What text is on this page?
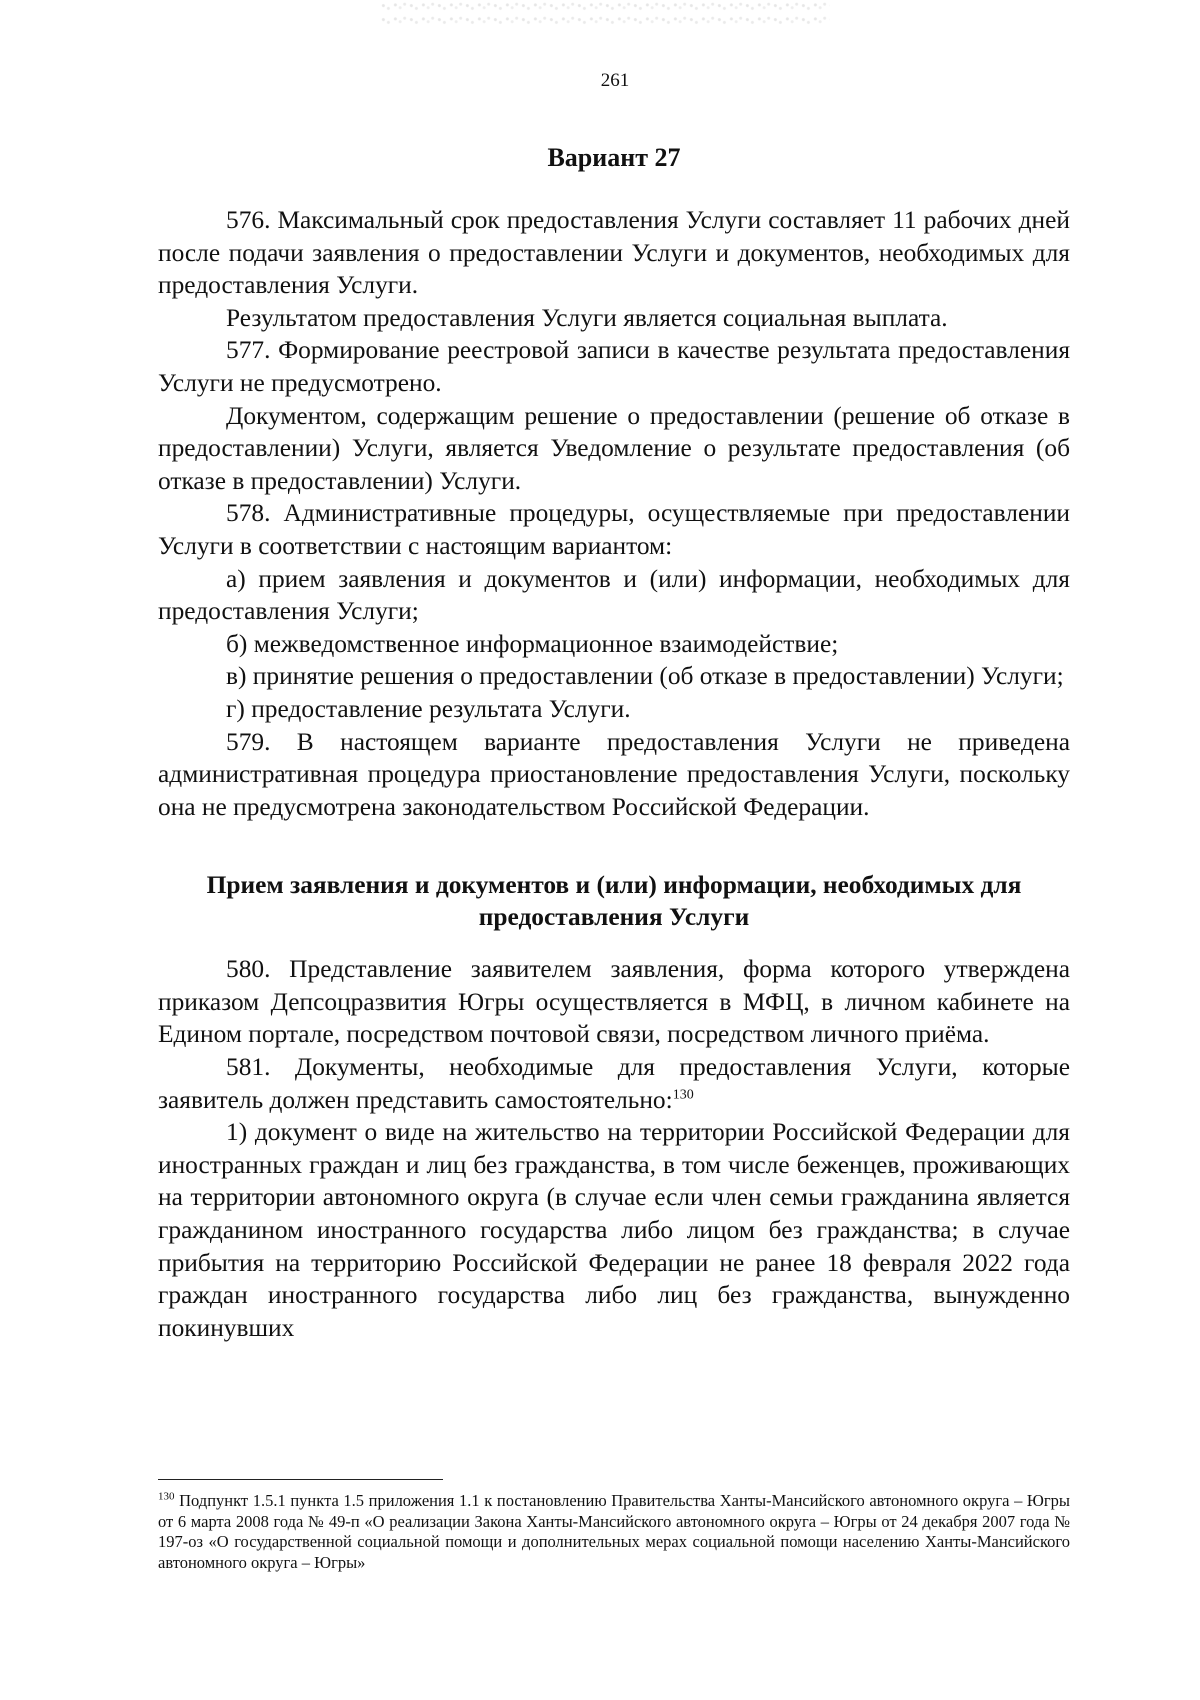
261
Вариант 27

576. Максимальный срок предоставления Услуги составляет 11 рабочих дней после подачи заявления о предоставлении Услуги и документов, необходимых для предоставления Услуги.

Результатом предоставления Услуги является социальная выплата.

577. Формирование реестровой записи в качестве результата предоставления Услуги не предусмотрено.

Документом, содержащим решение о предоставлении (решение об отказе в предоставлении) Услуги, является Уведомление о результате предоставления (об отказе в предоставлении) Услуги.

578. Административные процедуры, осуществляемые при предоставлении Услуги в соответствии с настоящим вариантом:

а) прием заявления и документов и (или) информации, необходимых для предоставления Услуги;

б) межведомственное информационное взаимодействие;

в) принятие решения о предоставлении (об отказе в предоставлении) Услуги;

г) предоставление результата Услуги.

579. В настоящем варианте предоставления Услуги не приведена административная процедура приостановление предоставления Услуги, поскольку она не предусмотрена законодательством Российской Федерации.

Прием заявления и документов и (или) информации, необходимых для предоставления Услуги

580. Представление заявителем заявления, форма которого утверждена приказом Депсоцразвития Югры осуществляется в МФЦ, в личном кабинете на Едином портале, посредством почтовой связи, посредством личного приёма.

581. Документы, необходимые для предоставления Услуги, которые заявитель должен представить самостоятельно:$^{130}$

1) документ о виде на жительство на территории Российской Федерации для иностранных граждан и лиц без гражданства, в том числе беженцев, проживающих на территории автономного округа (в случае если член семьи гражданина является гражданином иностранного государства либо лицом без гражданства; в случае прибытия на территорию Российской Федерации не ранее 18 февраля 2022 года граждан иностранного государства либо лиц без гражданства, вынужденно покинувших

$^{130}$ Подпункт 1.5.1 пункта 1.5 приложения 1.1 к постановлению Правительства Ханты-Мансийского автономного округа – Югры от 6 марта 2008 года № 49-п «О реализации Закона Ханты-Мансийского автономного округа – Югры от 24 декабря 2007 года № 197-оз «О государственной социальной помощи и дополнительных мерах социальной помощи населению Ханты-Мансийского автономного округа – Югры»
